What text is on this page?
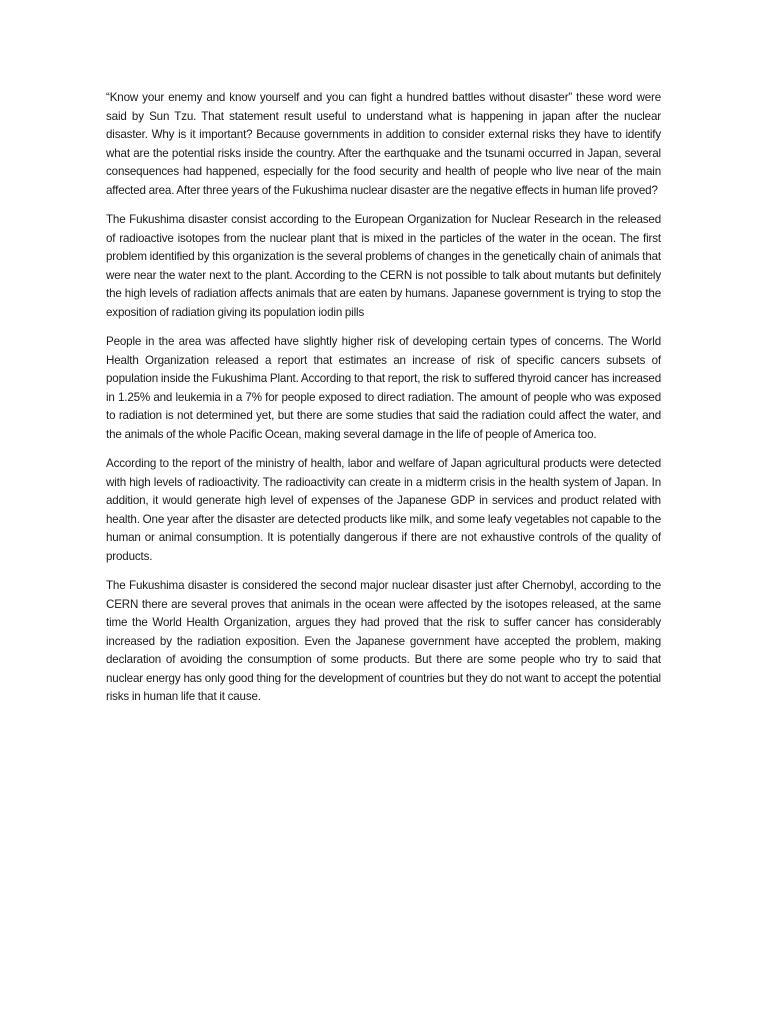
“Know your enemy and know yourself and you can fight a hundred battles without disaster” these word were said by Sun Tzu. That statement result useful to understand what is happening in japan after the nuclear disaster. Why is it important? Because governments in addition to consider external risks they have to identify what are the potential risks inside the country. After the earthquake and the tsunami occurred in Japan, several consequences had happened, especially for the food security and health of people who live near of the main affected area. After three years of the Fukushima nuclear disaster are the negative effects in human life proved?

The Fukushima disaster consist according to the European Organization for Nuclear Research in the released of radioactive isotopes from the nuclear plant that is mixed in the particles of the water in the ocean. The first problem identified by this organization is the several problems of changes in the genetically chain of animals that were near the water next to the plant. According to the CERN is not possible to talk about mutants but definitely the high levels of radiation affects animals that are eaten by humans. Japanese government is trying to stop the exposition of radiation giving its population iodin pills

People in the area was affected have slightly higher risk of developing certain types of concerns. The World Health Organization released a report that estimates an increase of risk of specific cancers subsets of population inside the Fukushima Plant. According to that report, the risk to suffered thyroid cancer has increased in 1.25% and leukemia in a 7% for people exposed to direct radiation. The amount of people who was exposed to radiation is not determined yet, but there are some studies that said the radiation could affect the water, and the animals of the whole Pacific Ocean, making several damage in the life of people of America too.

According to the report of the ministry of health, labor and welfare of Japan agricultural products were detected with high levels of radioactivity. The radioactivity can create in a midterm crisis in the health system of Japan. In addition, it would generate high level of expenses of the Japanese GDP in services and product related with health. One year after the disaster are detected products like milk, and some leafy vegetables not capable to the human or animal consumption. It is potentially dangerous if there are not exhaustive controls of the quality of products.

The Fukushima disaster is considered the second major nuclear disaster just after Chernobyl, according to the CERN there are several proves that animals in the ocean were affected by the isotopes released, at the same time the World Health Organization, argues they had proved that the risk to suffer cancer has considerably increased by the radiation exposition. Even the Japanese government have accepted the problem, making declaration of avoiding the consumption of some products. But there are some people who try to said that nuclear energy has only good thing for the development of countries but they do not want to accept the potential risks in human life that it cause.
